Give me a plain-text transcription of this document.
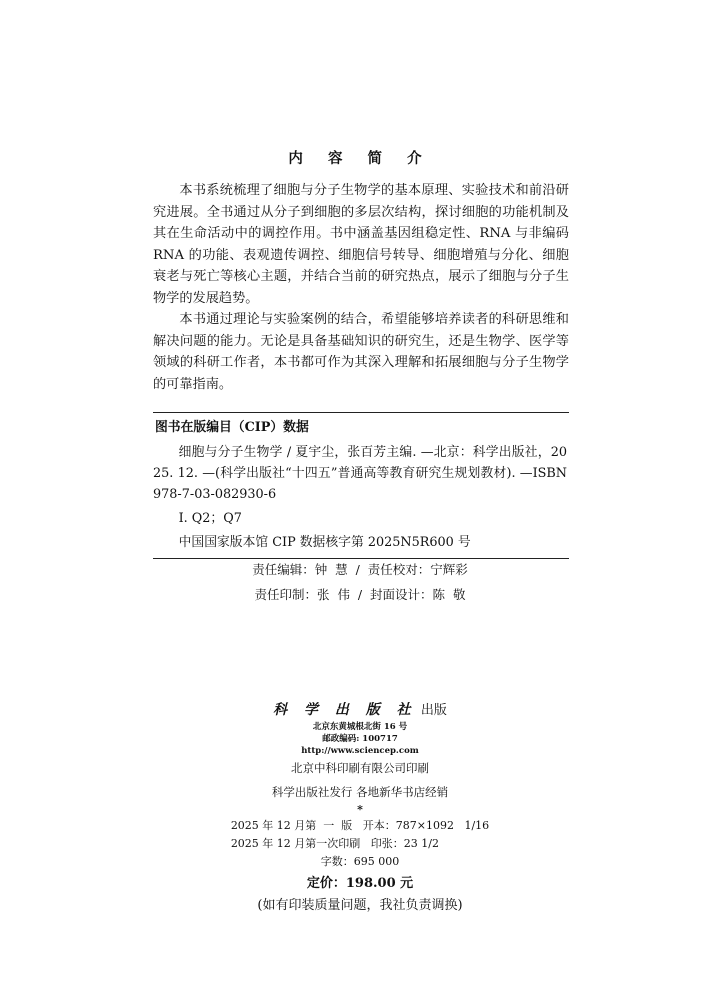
内 容 简 介

本书系统梳理了细胞与分子生物学的基本原理、实验技术和前沿研究进展。全书通过从分子到细胞的多层次结构，探讨细胞的功能机制及其在生命活动中的调控作用。书中涵盖基因组稳定性、RNA 与非编码 RNA 的功能、表观遗传调控、细胞信号转导、细胞增殖与分化、细胞衰老与死亡等核心主题，并结合当前的研究热点，展示了细胞与分子生物学的发展趋势。

本书通过理论与实验案例的结合，希望能够培养读者的科研思维和解决问题的能力。无论是具备基础知识的研究生，还是生物学、医学等领域的科研工作者，本书都可作为其深入理解和拓展细胞与分子生物学的可靠指南。

图书在版编目（CIP）数据
细胞与分子生物学 / 夏宇尘，张百芳主编. —北京：科学出版社，2025. 12. —(科学出版社“十四五”普通高等教育研究生规划教材). —ISBN 978-7-03-082930-6
Ⅰ. Q2；Q7
中国国家版本馆 CIP 数据核字第 2025N5R600 号
责任编辑：钟  慧  /  责任校对：宁辉彩
责任印制：张  伟  /  封面设计：陈  敬
科 学 出 版 社 出版
北京东黄城根北街 16 号
邮政编码: 100717
http://www.sciencep.com
北京中科印刷有限公司印刷
科学出版社发行 各地新华书店经销
*
2025 年 12 月第  一  版 开本：787×1092   1/16
2025 年 12 月第一次印刷 印张：23 1/2
字数：695 000
定价：198.00 元
(如有印装质量问题，我社负责调换)
